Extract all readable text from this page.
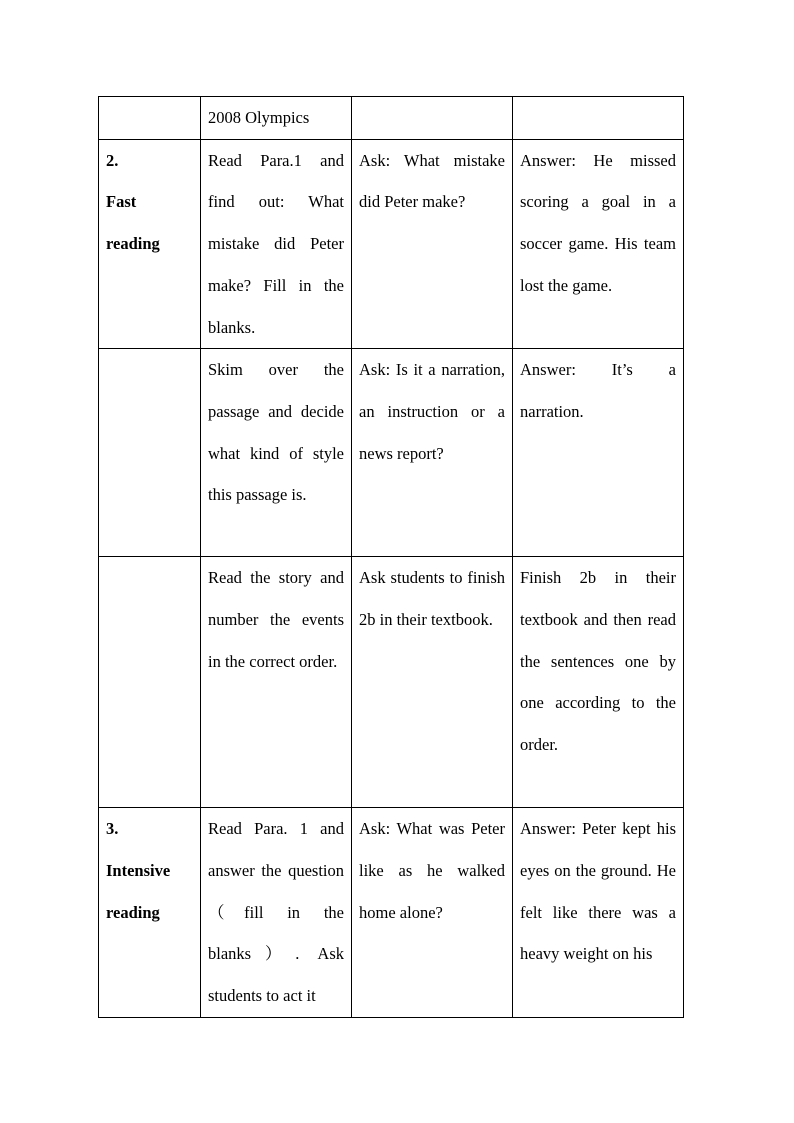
	2008 Olympics		
2.
Fast
reading	Read Para.1 and find out: What mistake did Peter make? Fill in the blanks.	Ask: What mistake did Peter make?	Answer: He missed scoring a goal in a soccer game. His team lost the game.
	Skim over the passage and decide what kind of style this passage is.	Ask: Is it a narration, an instruction or a news report?	Answer: It’s a narration.
	Read the story and number the events in the correct order.	Ask students to finish 2b in their textbook.	Finish 2b in their textbook and then read the sentences one by one according to the order.
3.
Intensive
reading	Read Para. 1 and answer the question （fill in the blanks）. Ask students to act it	Ask: What was Peter like as he walked home alone?	Answer: Peter kept his eyes on the ground. He felt like there was a heavy weight on his
